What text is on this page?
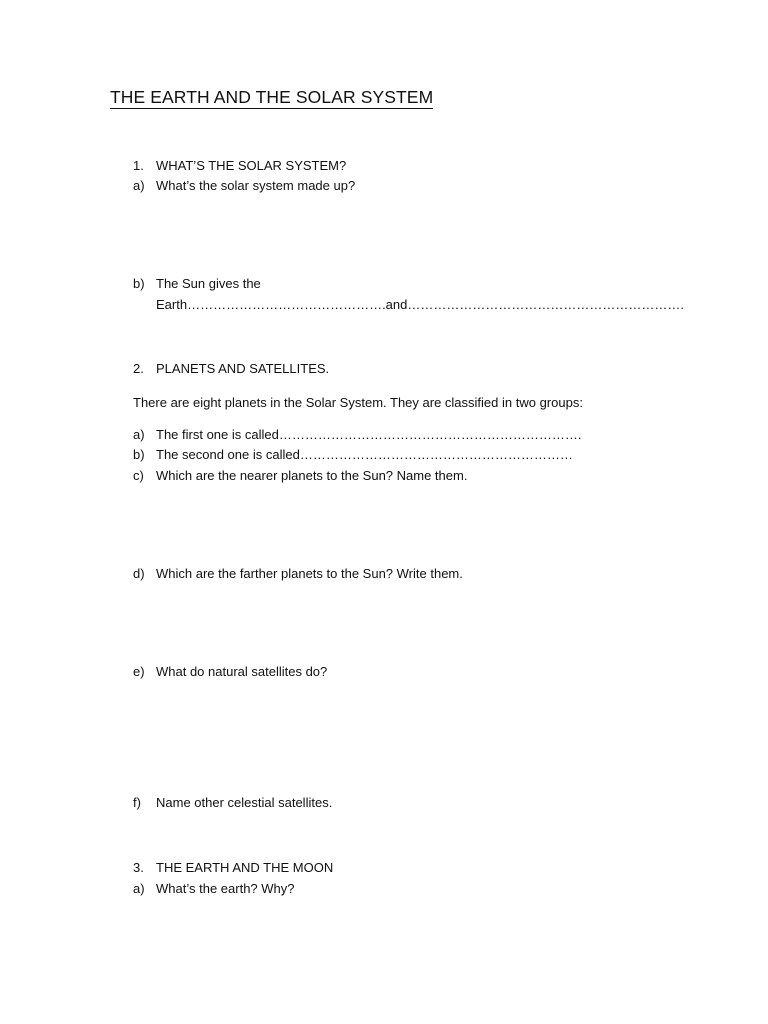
THE EARTH AND THE SOLAR SYSTEM
1. WHAT’S THE SOLAR SYSTEM?
a) What’s the solar system made up?
b) The Sun gives the
Earth……………………………………….and……………………………………………………….
2. PLANETS AND SATELLITES.
There are eight planets in the Solar System. They are classified in two groups:
a) The first one is called…………………………………………………………….
b) The second one is called………………………………………………………
c) Which are the nearer planets to the Sun? Name them.
d) Which are the farther planets to the Sun? Write them.
e) What do natural satellites do?
f)	Name other celestial satellites.
3. THE EARTH AND THE MOON
a) What’s the earth? Why?
